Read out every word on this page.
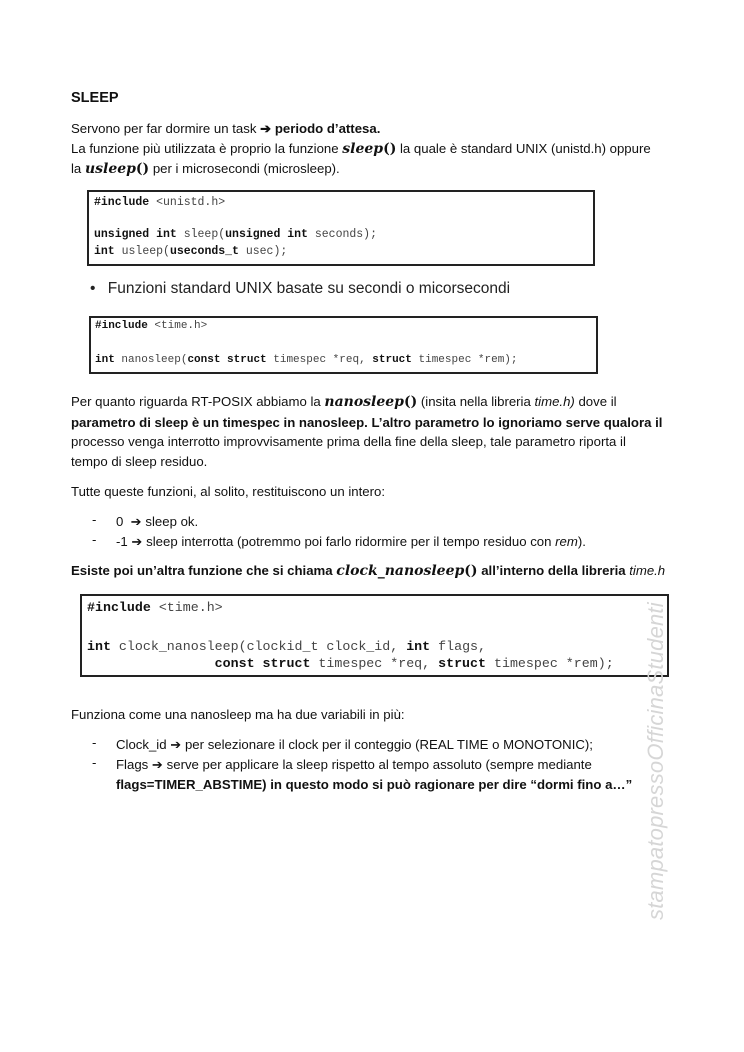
SLEEP
Servono per far dormire un task ➔ periodo d’attesa.
La funzione più utilizzata è proprio la funzione sleep() la quale è standard UNIX (unistd.h) oppure
la usleep() per i microsecondi (microsleep).
#include <unistd.h>
unsigned int sleep(unsigned int seconds);
int usleep(useconds_t usec);
• Funzioni standard UNIX basate su secondi o micorsecondi
#include <time.h>
int nanosleep(const struct timespec *req, struct timespec *rem);
Per quanto riguarda RT-POSIX abbiamo la nanosleep() (insita nella libreria time.h) dove il
parametro di sleep è un timespec in nanosleep. L’altro parametro lo ignoriamo serve qualora il
processo venga interrotto improvvisamente prima della fine della sleep, tale parametro riporta il
tempo di sleep residuo.
Tutte queste funzioni, al solito, restituiscono un intero:
- 0 ➔ sleep ok.
- -1 ➔ sleep interrotta (potremmo poi farlo ridormire per il tempo residuo con rem).
Esiste poi un’altra funzione che si chiama clock_nanosleep() all’interno della libreria time.h
#include <time.h>
int clock_nanosleep(clockid_t clock_id, int flags,
const struct timespec *req, struct timespec *rem);
Funziona come una nanosleep ma ha due variabili in più:
- Clock_id ➔ per selezionare il clock per il conteggio (REAL TIME o MONOTONIC);
- Flags ➔ serve per applicare la sleep rispetto al tempo assoluto (sempre mediante
flags=TIMER_ABSTIME) in questo modo si può ragionare per dire “dormi fino a…” stampatopressoOfficinaStudenti
